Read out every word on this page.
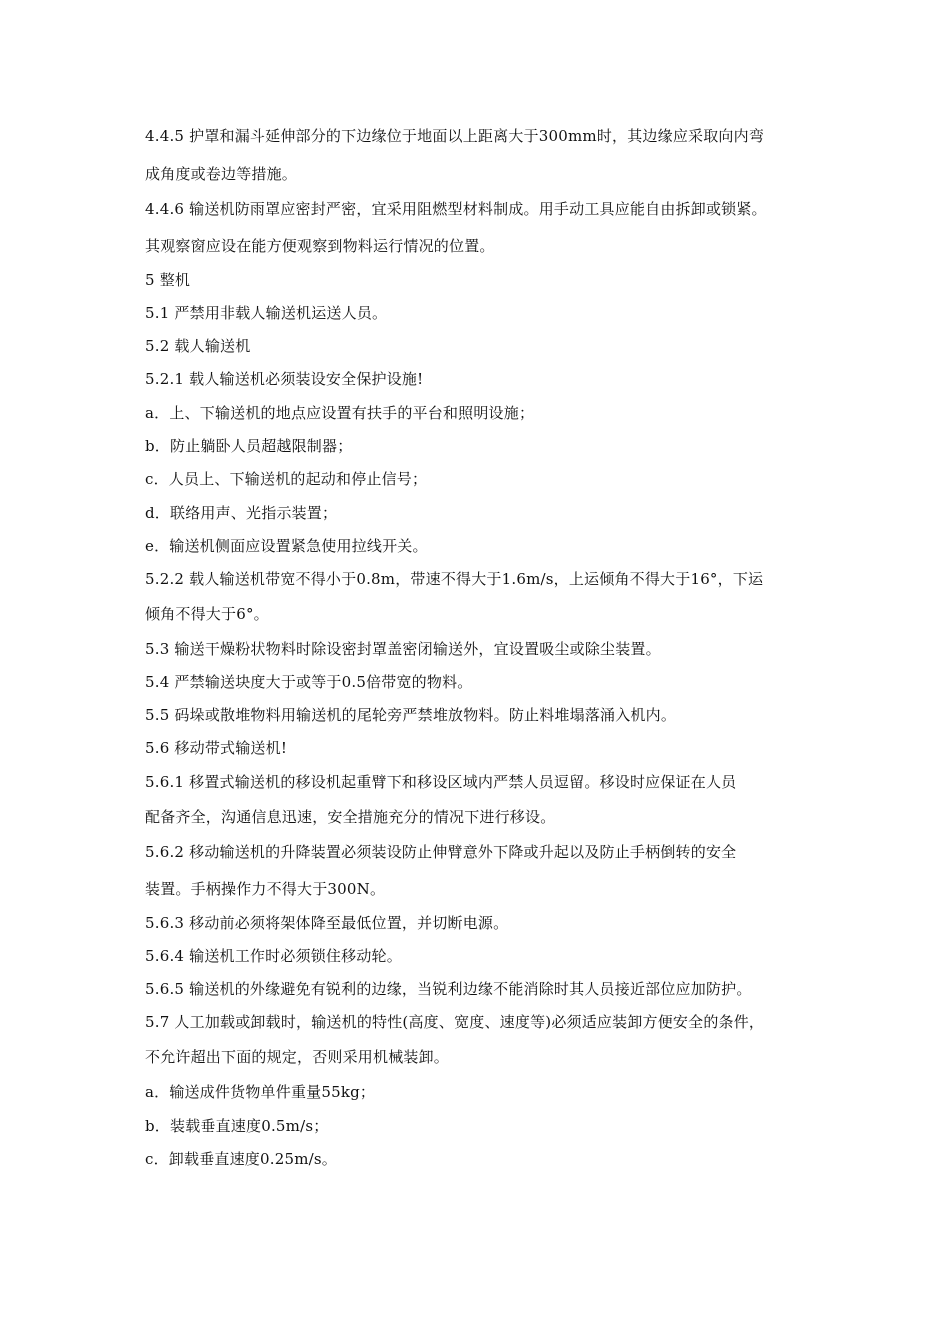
4.4.5 护罩和漏斗延伸部分的下边缘位于地面以上距离大于300mm时，其边缘应采取向内弯
成角度或卷边等措施。
4.4.6 输送机防雨罩应密封严密，宜采用阻燃型材料制成。用手动工具应能自由拆卸或锁紧。
其观察窗应设在能方便观察到物料运行情况的位置。
5 整机
5.1 严禁用非载人输送机运送人员。
5.2 载人输送机
5.2.1 载人输送机必须装设安全保护设施!
a．上、下输送机的地点应设置有扶手的平台和照明设施；
b．防止躺卧人员超越限制器；
c．人员上、下输送机的起动和停止信号；
d．联络用声、光指示装置；
e．输送机侧面应设置紧急使用拉线开关。
5.2.2 载人输送机带宽不得小于0.8m，带速不得大于1.6m/s，上运倾角不得大于16°，下运
倾角不得大于6°。
5.3 输送干燥粉状物料时除设密封罩盖密闭输送外，宜设置吸尘或除尘装置。
5.4 严禁输送块度大于或等于0.5倍带宽的物料。
5.5 码垛或散堆物料用输送机的尾轮旁严禁堆放物料。防止料堆塌落涌入机内。
5.6 移动带式输送机!
5.6.1 移置式输送机的移设机起重臂下和移设区域内严禁人员逗留。移设时应保证在人员
配备齐全，沟通信息迅速，安全措施充分的情况下进行移设。
5.6.2 移动输送机的升降装置必须装设防止伸臂意外下降或升起以及防止手柄倒转的安全
装置。手柄操作力不得大于300N。
5.6.3 移动前必须将架体降至最低位置，并切断电源。
5.6.4 输送机工作时必须锁住移动轮。
5.6.5 输送机的外缘避免有锐利的边缘，当锐利边缘不能消除时其人员接近部位应加防护。
5.7 人工加载或卸载时，输送机的特性(高度、宽度、速度等)必须适应装卸方便安全的条件，
不允许超出下面的规定，否则采用机械装卸。
a．输送成件货物单件重量55kg；
b．装载垂直速度0.5m/s；
c．卸载垂直速度0.25m/s。
